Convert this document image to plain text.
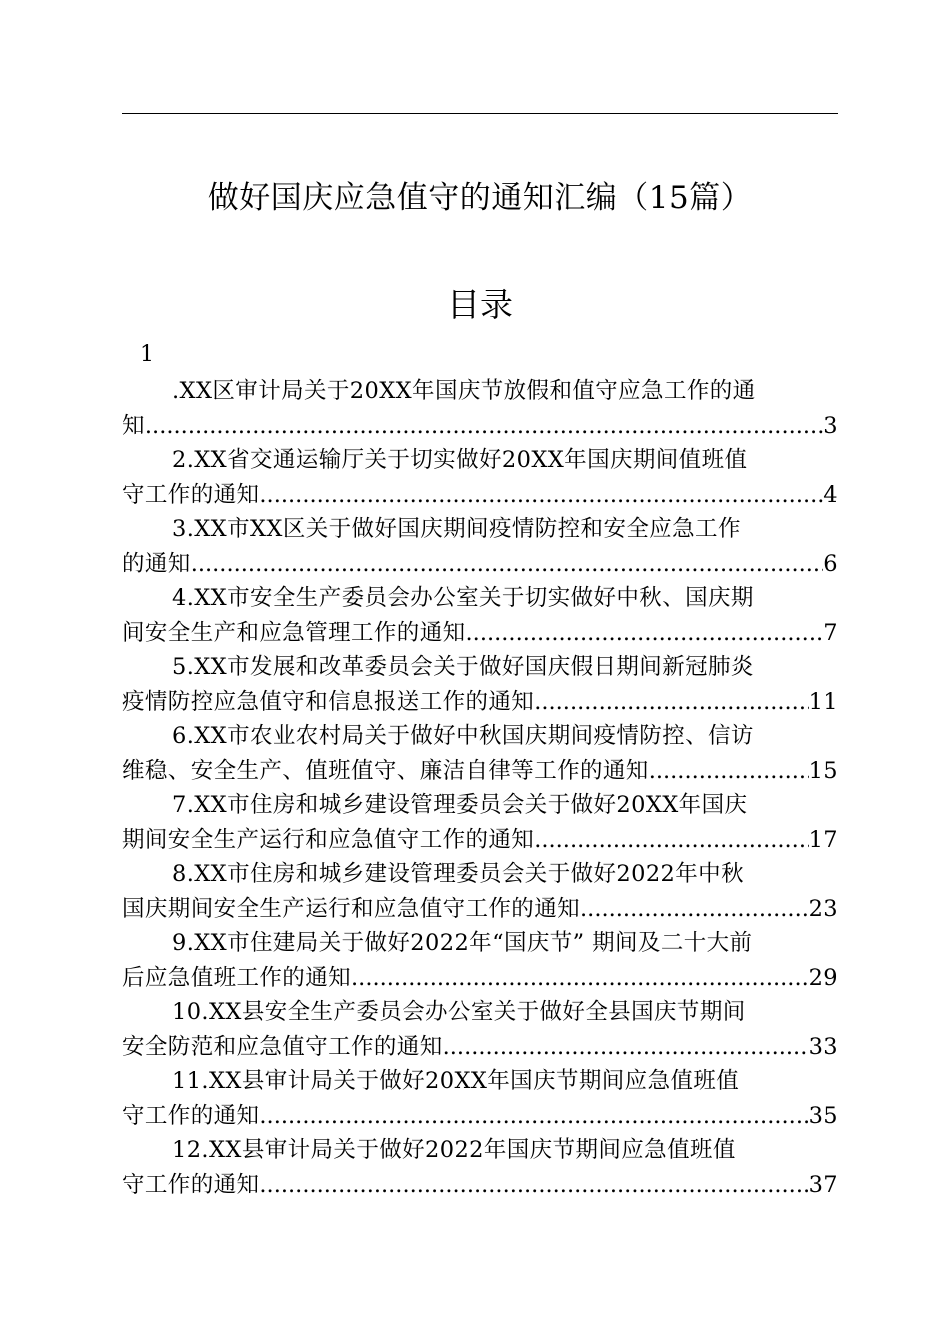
做好国庆应急值守的通知汇编（15篇）
目录
1
.XX区审计局关于20XX年国庆节放假和值守应急工作的通
知 .....	3
2.XX省交通运输厅关于切实做好20XX年国庆期间值班值
守工作的通知 .....	4
3.XX市XX区关于做好国庆期间疫情防控和安全应急工作
的通知 .....	6
4.XX市安全生产委员会办公室关于切实做好中秋、国庆期
间安全生产和应急管理工作的通知 .....	7
5.XX市发展和改革委员会关于做好国庆假日期间新冠肺炎
疫情防控应急值守和信息报送工作的通知 .....	11
6.XX市农业农村局关于做好中秋国庆期间疫情防控、信访
维稳、安全生产、值班值守、廉洁自律等工作的通知 .....	15
7.XX市住房和城乡建设管理委员会关于做好20XX年国庆
期间安全生产运行和应急值守工作的通知 .....	17
8.XX市住房和城乡建设管理委员会关于做好2022年中秋
国庆期间安全生产运行和应急值守工作的通知 .....	23
9.XX市住建局关于做好2022年“国庆节” 期间及二十大前
后应急值班工作的通知 .....	29
10.XX县安全生产委员会办公室关于做好全县国庆节期间
安全防范和应急值守工作的通知 .....	33
11.XX县审计局关于做好20XX年国庆节期间应急值班值
守工作的通知 .....	35
12.XX县审计局关于做好2022年国庆节期间应急值班值
守工作的通知 .....	37
